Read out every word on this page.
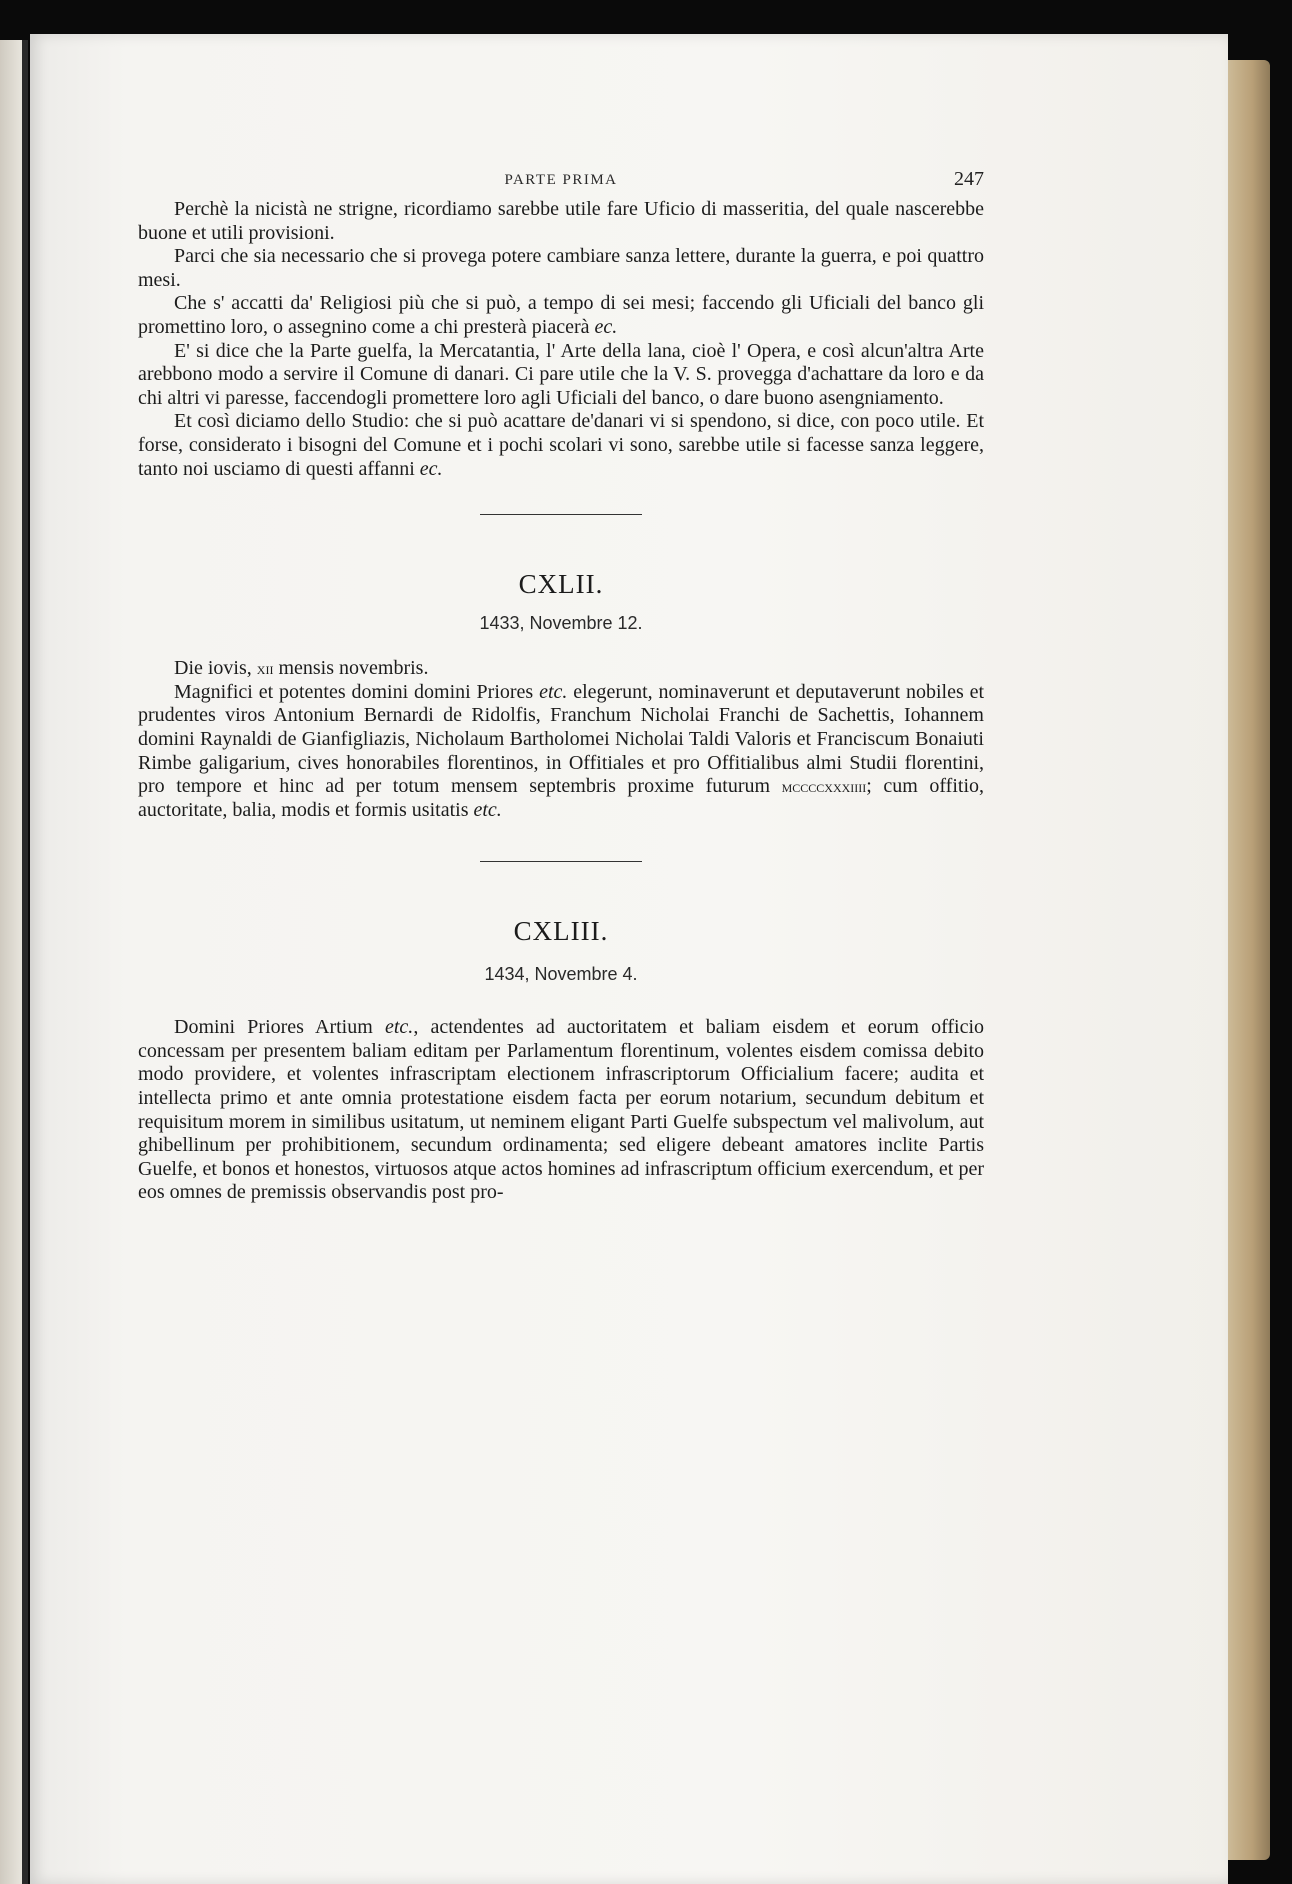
PARTE PRIMA	247

Perchè la nicistà ne strigne, ricordiamo sarebbe utile fare Uficio di masseritia, del quale nascerebbe buone et utili provisioni.

Parci che sia necessario che si provega potere cambiare sanza lettere, durante la guerra, e poi quattro mesi.

Che s' accatti da' Religiosi più che si può, a tempo di sei mesi; faccendo gli Uficiali del banco gli promettino loro, o assegnino come a chi presterà piacerà ec.

E' si dice che la Parte guelfa, la Mercatantia, l' Arte della lana, cioè l' Opera, e così alcun'altra Arte arebbono modo a servire il Comune di danari. Ci pare utile che la V. S. provegga d'achattare da loro e da chi altri vi paresse, faccendogli promettere loro agli Uficiali del banco, o dare buono asengniamento.

Et così diciamo dello Studio: che si può acattare de'danari vi si spendono, si dice, con poco utile. Et forse, considerato i bisogni del Comune et i pochi scolari vi sono, sarebbe utile si facesse sanza leggere, tanto noi usciamo di questi affanni ec.

CXLII.

1433, Novembre 12.

Die iovis, xii mensis novembris.

Magnifici et potentes domini domini Priores etc. elegerunt, nominaverunt et deputaverunt nobiles et prudentes viros Antonium Bernardi de Ridolfis, Franchum Nicholai Franchi de Sachettis, Iohannem domini Raynaldi de Gianfigliazis, Nicholaum Bartholomei Nicholai Taldi Valoris et Franciscum Bonaiuti Rimbe galigarium, cives honorabiles florentinos, in Offitiales et pro Offitialibus almi Studii florentini, pro tempore et hinc ad per totum mensem septembris proxime futurum mccccxxxiiii; cum offitio, auctoritate, balia, modis et formis usitatis etc.

CXLIII.

1434, Novembre 4.

Domini Priores Artium etc., actendentes ad auctoritatem et baliam eisdem et eorum officio concessam per presentem baliam editam per Parlamentum florentinum, volentes eisdem comissa debito modo providere, et volentes infrascriptam electionem infrascriptorum Officialium facere; audita et intellecta primo et ante omnia protestatione eisdem facta per eorum notarium, secundum debitum et requisitum morem in similibus usitatum, ut neminem eligant Parti Guelfe subspectum vel malivolum, aut ghibellinum per prohibitionem, secundum ordinamenta; sed eligere debeant amatores inclite Partis Guelfe, et bonos et honestos, virtuosos atque actos homines ad infrascriptum officium exercendum, et per eos omnes de premissis observandis post pro-
